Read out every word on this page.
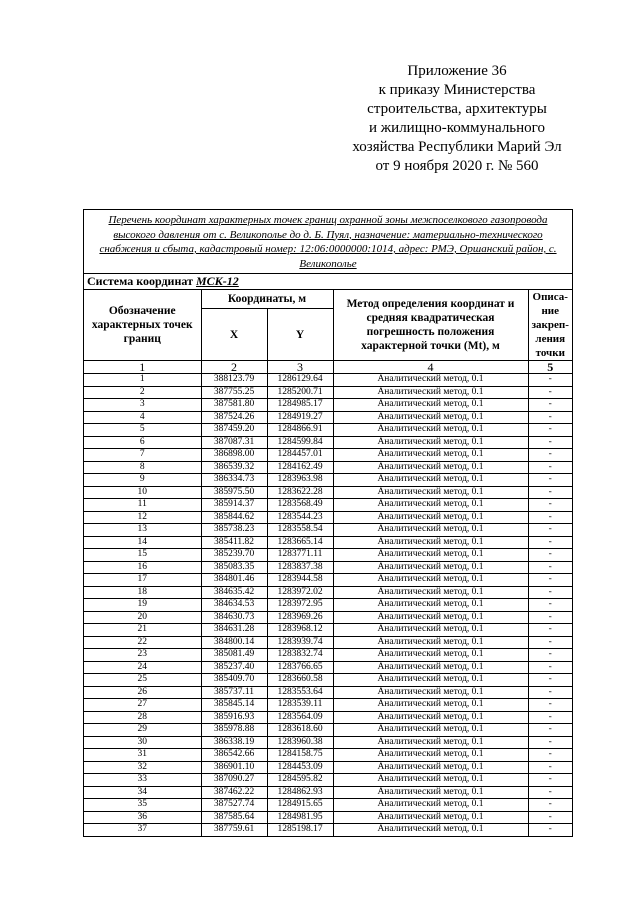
Приложение 36
к приказу Министерства
строительства, архитектуры
и жилищно-коммунального
хозяйства Республики Марий Эл
от 9 ноября 2020 г. № 560
Перечень координат характерных точек границ охранной зоны межпоселкового газопровода высокого давления от с. Великополье до д. Б. Пуял, назначение: материально-технического снабжения и сбыта, кадастровый номер: 12:06:0000000:1014, адрес: РМЭ, Оршанский район, с. Великополье
Система координат МСК-12
Обозначение характерных точек границ	Координаты, м		Метод определения координат и средняя квадратическая погрешность положения характерной точки (Mt), м	Описа-ние закреп-ления точки
	X	Y		
1	2	3	4	5
1	388123.79	1286129.64	Аналитический метод, 0.1	-
2	387755.25	1285200.71	Аналитический метод, 0.1	-
3	387581.80	1284985.17	Аналитический метод, 0.1	-
4	387524.26	1284919.27	Аналитический метод, 0.1	-
5	387459.20	1284866.91	Аналитический метод, 0.1	-
6	387087.31	1284599.84	Аналитический метод, 0.1	-
7	386898.00	1284457.01	Аналитический метод, 0.1	-
8	386539.32	1284162.49	Аналитический метод, 0.1	-
9	386334.73	1283963.98	Аналитический метод, 0.1	-
10	385975.50	1283622.28	Аналитический метод, 0.1	-
11	385914.37	1283568.49	Аналитический метод, 0.1	-
12	385844.62	1283544.23	Аналитический метод, 0.1	-
13	385738.23	1283558.54	Аналитический метод, 0.1	-
14	385411.82	1283665.14	Аналитический метод, 0.1	-
15	385239.70	1283771.11	Аналитический метод, 0.1	-
16	385083.35	1283837.38	Аналитический метод, 0.1	-
17	384801.46	1283944.58	Аналитический метод, 0.1	-
18	384635.42	1283972.02	Аналитический метод, 0.1	-
19	384634.53	1283972.95	Аналитический метод, 0.1	-
20	384630.73	1283969.26	Аналитический метод, 0.1	-
21	384631.28	1283968.12	Аналитический метод, 0.1	-
22	384800.14	1283939.74	Аналитический метод, 0.1	-
23	385081.49	1283832.74	Аналитический метод, 0.1	-
24	385237.40	1283766.65	Аналитический метод, 0.1	-
25	385409.70	1283660.58	Аналитический метод, 0.1	-
26	385737.11	1283553.64	Аналитический метод, 0.1	-
27	385845.14	1283539.11	Аналитический метод, 0.1	-
28	385916.93	1283564.09	Аналитический метод, 0.1	-
29	385978.88	1283618.60	Аналитический метод, 0.1	-
30	386338.19	1283960.38	Аналитический метод, 0.1	-
31	386542.66	1284158.75	Аналитический метод, 0.1	-
32	386901.10	1284453.09	Аналитический метод, 0.1	-
33	387090.27	1284595.82	Аналитический метод, 0.1	-
34	387462.22	1284862.93	Аналитический метод, 0.1	-
35	387527.74	1284915.65	Аналитический метод, 0.1	-
36	387585.64	1284981.95	Аналитический метод, 0.1	-
37	387759.61	1285198.17	Аналитический метод, 0.1	-
